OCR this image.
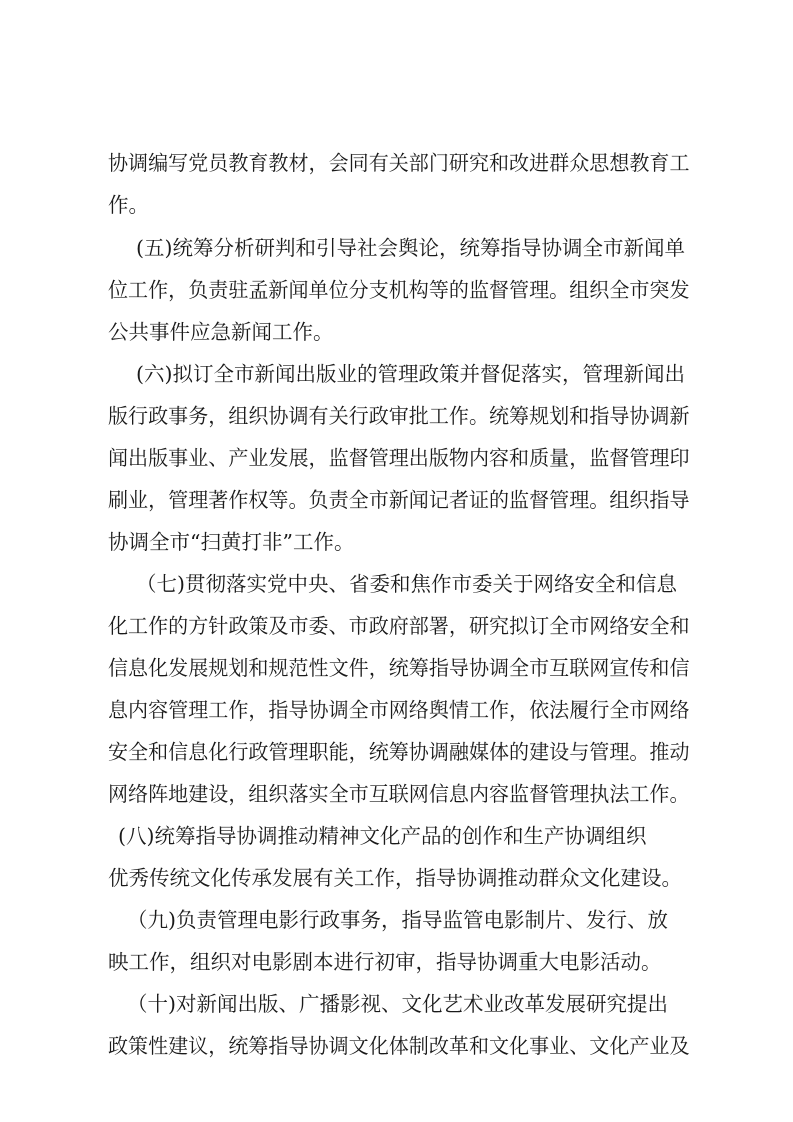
协调编写党员教育教材，会同有关部门研究和改进群众思想教育工
作。
(五)统筹分析研判和引导社会舆论，统筹指导协调全市新闻单
位工作，负责驻孟新闻单位分支机构等的监督管理。组织全市突发
公共事件应急新闻工作。
(六)拟订全市新闻出版业的管理政策并督促落实，管理新闻出
版行政事务，组织协调有关行政审批工作。统筹规划和指导协调新
闻出版事业、产业发展，监督管理出版物内容和质量，监督管理印
刷业，管理著作权等。负责全市新闻记者证的监督管理。组织指导
协调全市“扫黄打非”工作。
（七)贯彻落实党中央、省委和焦作市委关于网络安全和信息
化工作的方针政策及市委、市政府部署，研究拟订全市网络安全和
信息化发展规划和规范性文件，统筹指导协调全市互联网宣传和信
息内容管理工作，指导协调全市网络舆情工作，依法履行全市网络
安全和信息化行政管理职能，统筹协调融媒体的建设与管理。推动
网络阵地建设，组织落实全市互联网信息内容监督管理执法工作。
(八)统筹指导协调推动精神文化产品的创作和生产协调组织
优秀传统文化传承发展有关工作，指导协调推动群众文化建设。
（九)负责管理电影行政事务，指导监管电影制片、发行、放
映工作，组织对电影剧本进行初审，指导协调重大电影活动。
（十)对新闻出版、广播影视、文化艺术业改革发展研究提出
政策性建议，统筹指导协调文化体制改革和文化事业、文化产业及
